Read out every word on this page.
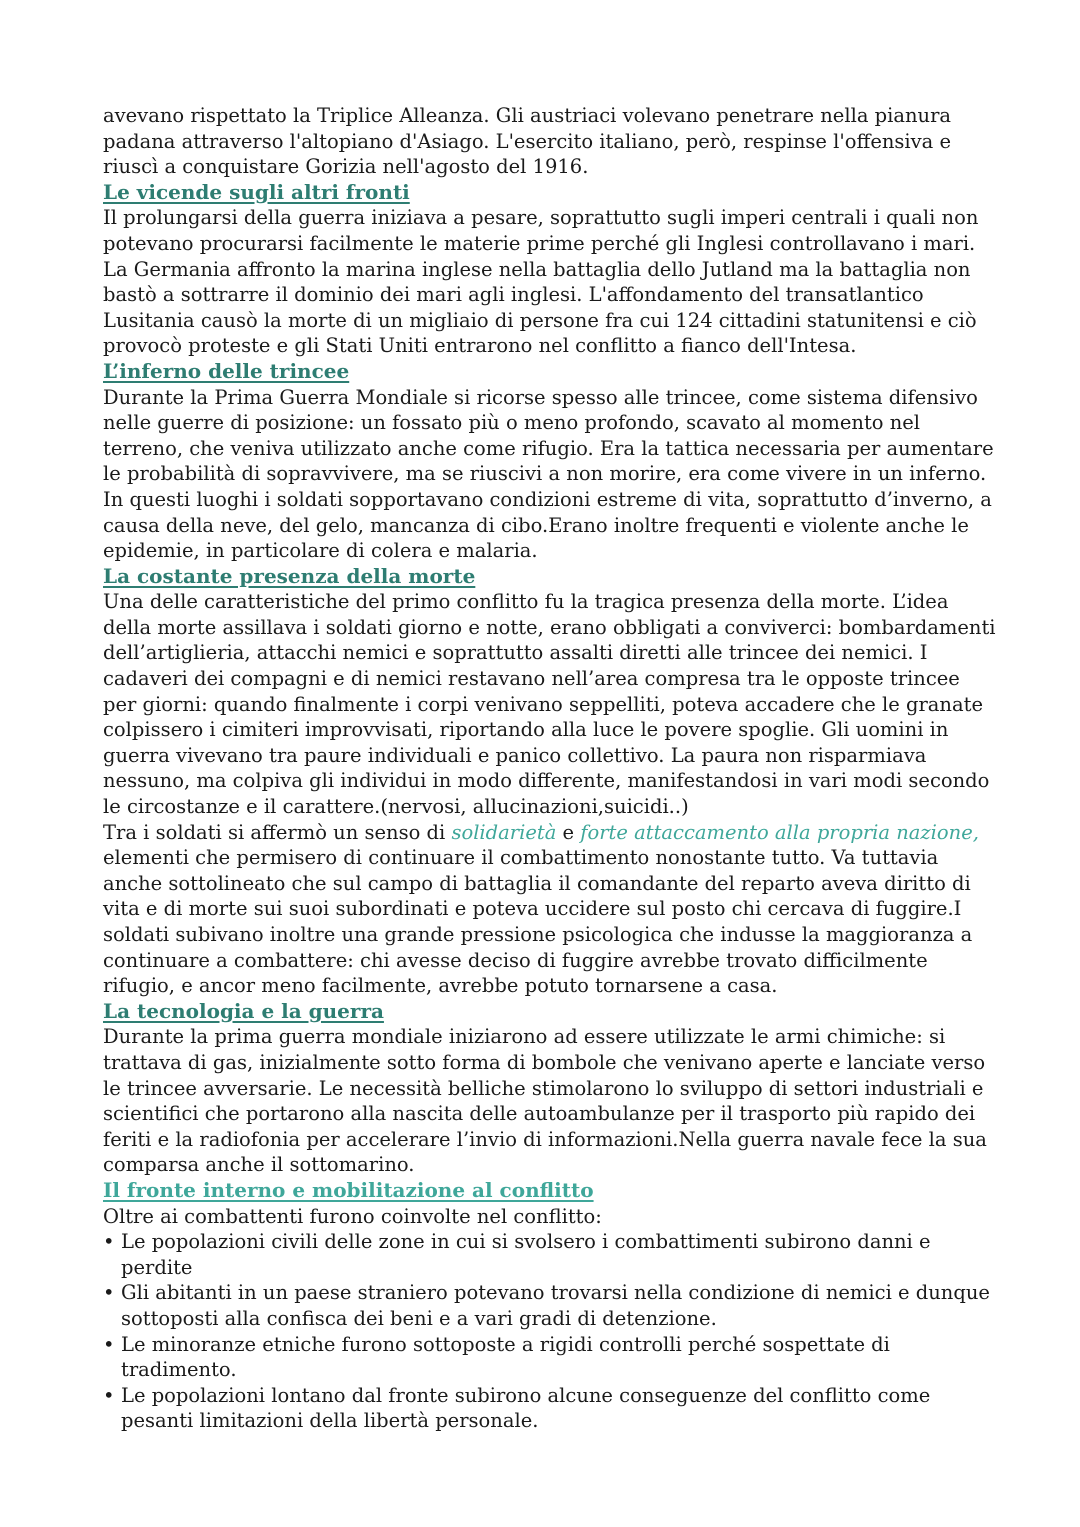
avevano rispettato la Triplice Alleanza. Gli austriaci volevano penetrare nella pianura padana attraverso l'altopiano d'Asiago. L'esercito italiano, però, respinse l'offensiva e riuscì a conquistare Gorizia nell'agosto del 1916.

Le vicende sugli altri fronti

Il prolungarsi della guerra iniziava a pesare, soprattutto sugli imperi centrali i quali non potevano procurarsi facilmente le materie prime perché gli Inglesi controllavano i mari. La Germania affronto la marina inglese nella battaglia dello Jutland ma la battaglia non bastò a sottrarre il dominio dei mari agli inglesi. L'affondamento del transatlantico Lusitania causò la morte di un migliaio di persone fra cui 124 cittadini statunitensi e ciò provocò proteste e gli Stati Uniti entrarono nel conflitto a fianco dell'Intesa.

L’inferno delle trincee

Durante la Prima Guerra Mondiale si ricorse spesso alle trincee, come sistema difensivo nelle guerre di posizione: un fossato più o meno profondo, scavato al momento nel terreno, che veniva utilizzato anche come rifugio. Era la tattica necessaria per aumentare le probabilità di sopravvivere, ma se riuscivi a non morire, era come vivere in un inferno.

In questi luoghi i soldati sopportavano condizioni estreme di vita, soprattutto d’inverno, a causa della neve, del gelo, mancanza di cibo.Erano inoltre frequenti e violente anche le epidemie, in particolare di colera e malaria.

La costante presenza della morte

Una delle caratteristiche del primo conflitto fu la tragica presenza della morte. L’idea della morte assillava i soldati giorno e notte, erano obbligati a conviverci: bombardamenti dell’artiglieria, attacchi nemici e soprattutto assalti diretti alle trincee dei nemici. I cadaveri dei compagni e di nemici restavano nell’area compresa tra le opposte trincee per giorni: quando finalmente i corpi venivano seppelliti, poteva accadere che le granate colpissero i cimiteri improvvisati, riportando alla luce le povere spoglie. Gli uomini in guerra vivevano tra paure individuali e panico collettivo. La paura non risparmiava nessuno, ma colpiva gli individui in modo differente, manifestandosi in vari modi secondo le circostanze e il carattere.(nervosi, allucinazioni,suicidi..)

Tra i soldati si affermò un senso di solidarietà e forte attaccamento alla propria nazione, elementi che permisero di continuare il combattimento nonostante tutto. Va tuttavia anche sottolineato che sul campo di battaglia il comandante del reparto aveva diritto di vita e di morte sui suoi subordinati e poteva uccidere sul posto chi cercava di fuggire.I soldati subivano inoltre una grande pressione psicologica che indusse la maggioranza a continuare a combattere: chi avesse deciso di fuggire avrebbe trovato difficilmente rifugio, e ancor meno facilmente, avrebbe potuto tornarsene a casa.

La tecnologia e la guerra

Durante la prima guerra mondiale iniziarono ad essere utilizzate le armi chimiche: si trattava di gas, inizialmente sotto forma di bombole che venivano aperte e lanciate verso le trincee avversarie. Le necessità belliche stimolarono lo sviluppo di settori industriali e scientifici che portarono alla nascita delle autoambulanze per il trasporto più rapido dei feriti e la radiofonia per accelerare l’invio di informazioni.Nella guerra navale fece la sua comparsa anche il sottomarino.

Il fronte interno e mobilitazione al conflitto

Oltre ai combattenti furono coinvolte nel conflitto:

• Le popolazioni civili delle zone in cui si svolsero i combattimenti subirono danni e perdite
• Gli abitanti in un paese straniero potevano trovarsi nella condizione di nemici e dunque sottoposti alla confisca dei beni e a vari gradi di detenzione.
• Le minoranze etniche furono sottoposte a rigidi controlli perché sospettate di tradimento.
• Le popolazioni lontano dal fronte subirono alcune conseguenze del conflitto come pesanti limitazioni della libertà personale.
